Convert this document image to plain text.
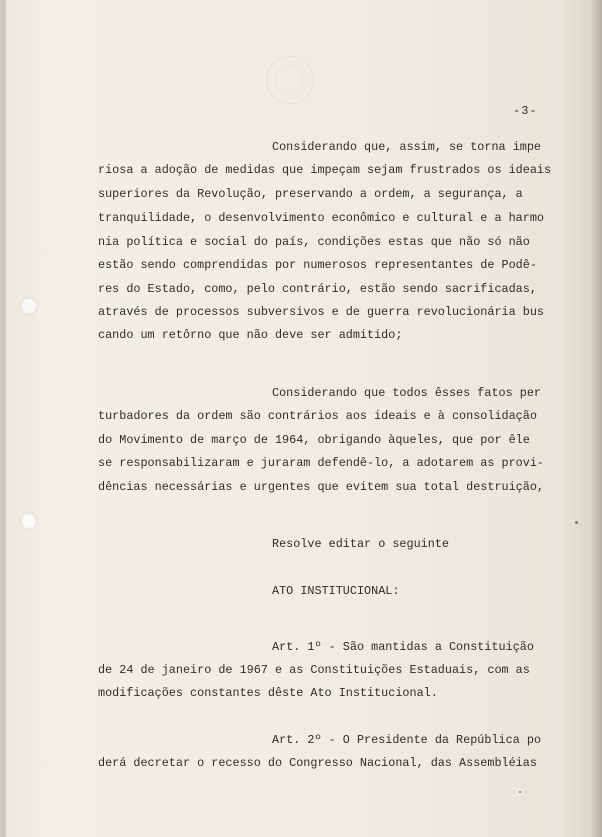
-3-
Considerando que, assim, se torna impe
riosa a adoção de medidas que impeçam sejam frustrados os ideais
superiores da Revolução, preservando a ordem, a segurança, a
tranquilidade, o desenvolvimento econômico e cultural e a harmo
nia política e social do país, condições estas que não só não
estão sendo comprendidas por numerosos representantes de Podê-
res do Estado, como, pelo contrário, estão sendo sacrificadas,
através de processos subversivos e de guerra revolucionária bus
cando um retôrno que não deve ser admitido;
Considerando que todos êsses fatos per
turbadores da ordem são contrários aos ideais e à consolidação
do Movimento de março de 1964, obrigando àqueles, que por êle
se responsabilizaram e juraram defendê-lo, a adotarem as provi-
dências necessárias e urgentes que evitem sua total destruição,
Resolve editar o seguinte
ATO INSTITUCIONAL:
Art. 1º - São mantidas a Constituição
de 24 de janeiro de 1967 e as Constituições Estaduais, com as
modificações constantes dêste Ato Institucional.
Art. 2º - O Presidente da República po
derá decretar o recesso do Congresso Nacional, das Assembléias
